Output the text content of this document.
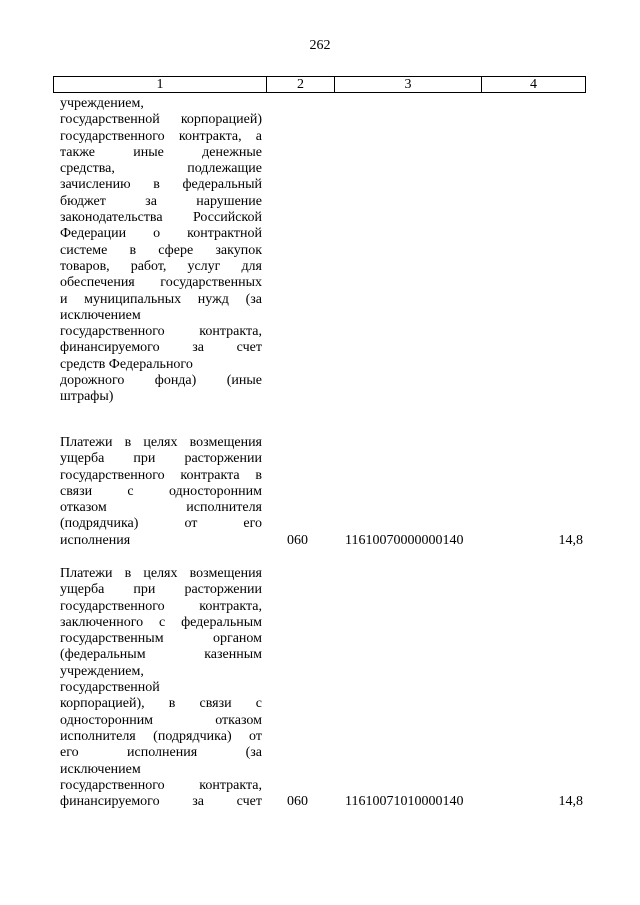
262
1	2	3	4
учреждением,
государственной корпорацией)
государственного контракта, а
также иные денежные
средства, подлежащие
зачислению в федеральный
бюджет за нарушение
законодательства Российской
Федерации о контрактной
системе в сфере закупок
товаров, работ, услуг для
обеспечения государственных
и муниципальных нужд (за
исключением
государственного контракта,
финансируемого за счет
средств Федерального
дорожного фонда) (иные
штрафы)
Платежи в целях возмещения
ущерба при расторжении
государственного контракта в
связи с односторонним
отказом исполнителя
(подрядчика) от его
исполнения	060	11610070000000140	14,8
Платежи в целях возмещения
ущерба при расторжении
государственного контракта,
заключенного с федеральным
государственным органом
(федеральным казенным
учреждением,
государственной
корпорацией), в связи с
односторонним отказом
исполнителя (подрядчика) от
его исполнения (за
исключением
государственного контракта,
финансируемого за счет 060	11610071010000140	14,8
